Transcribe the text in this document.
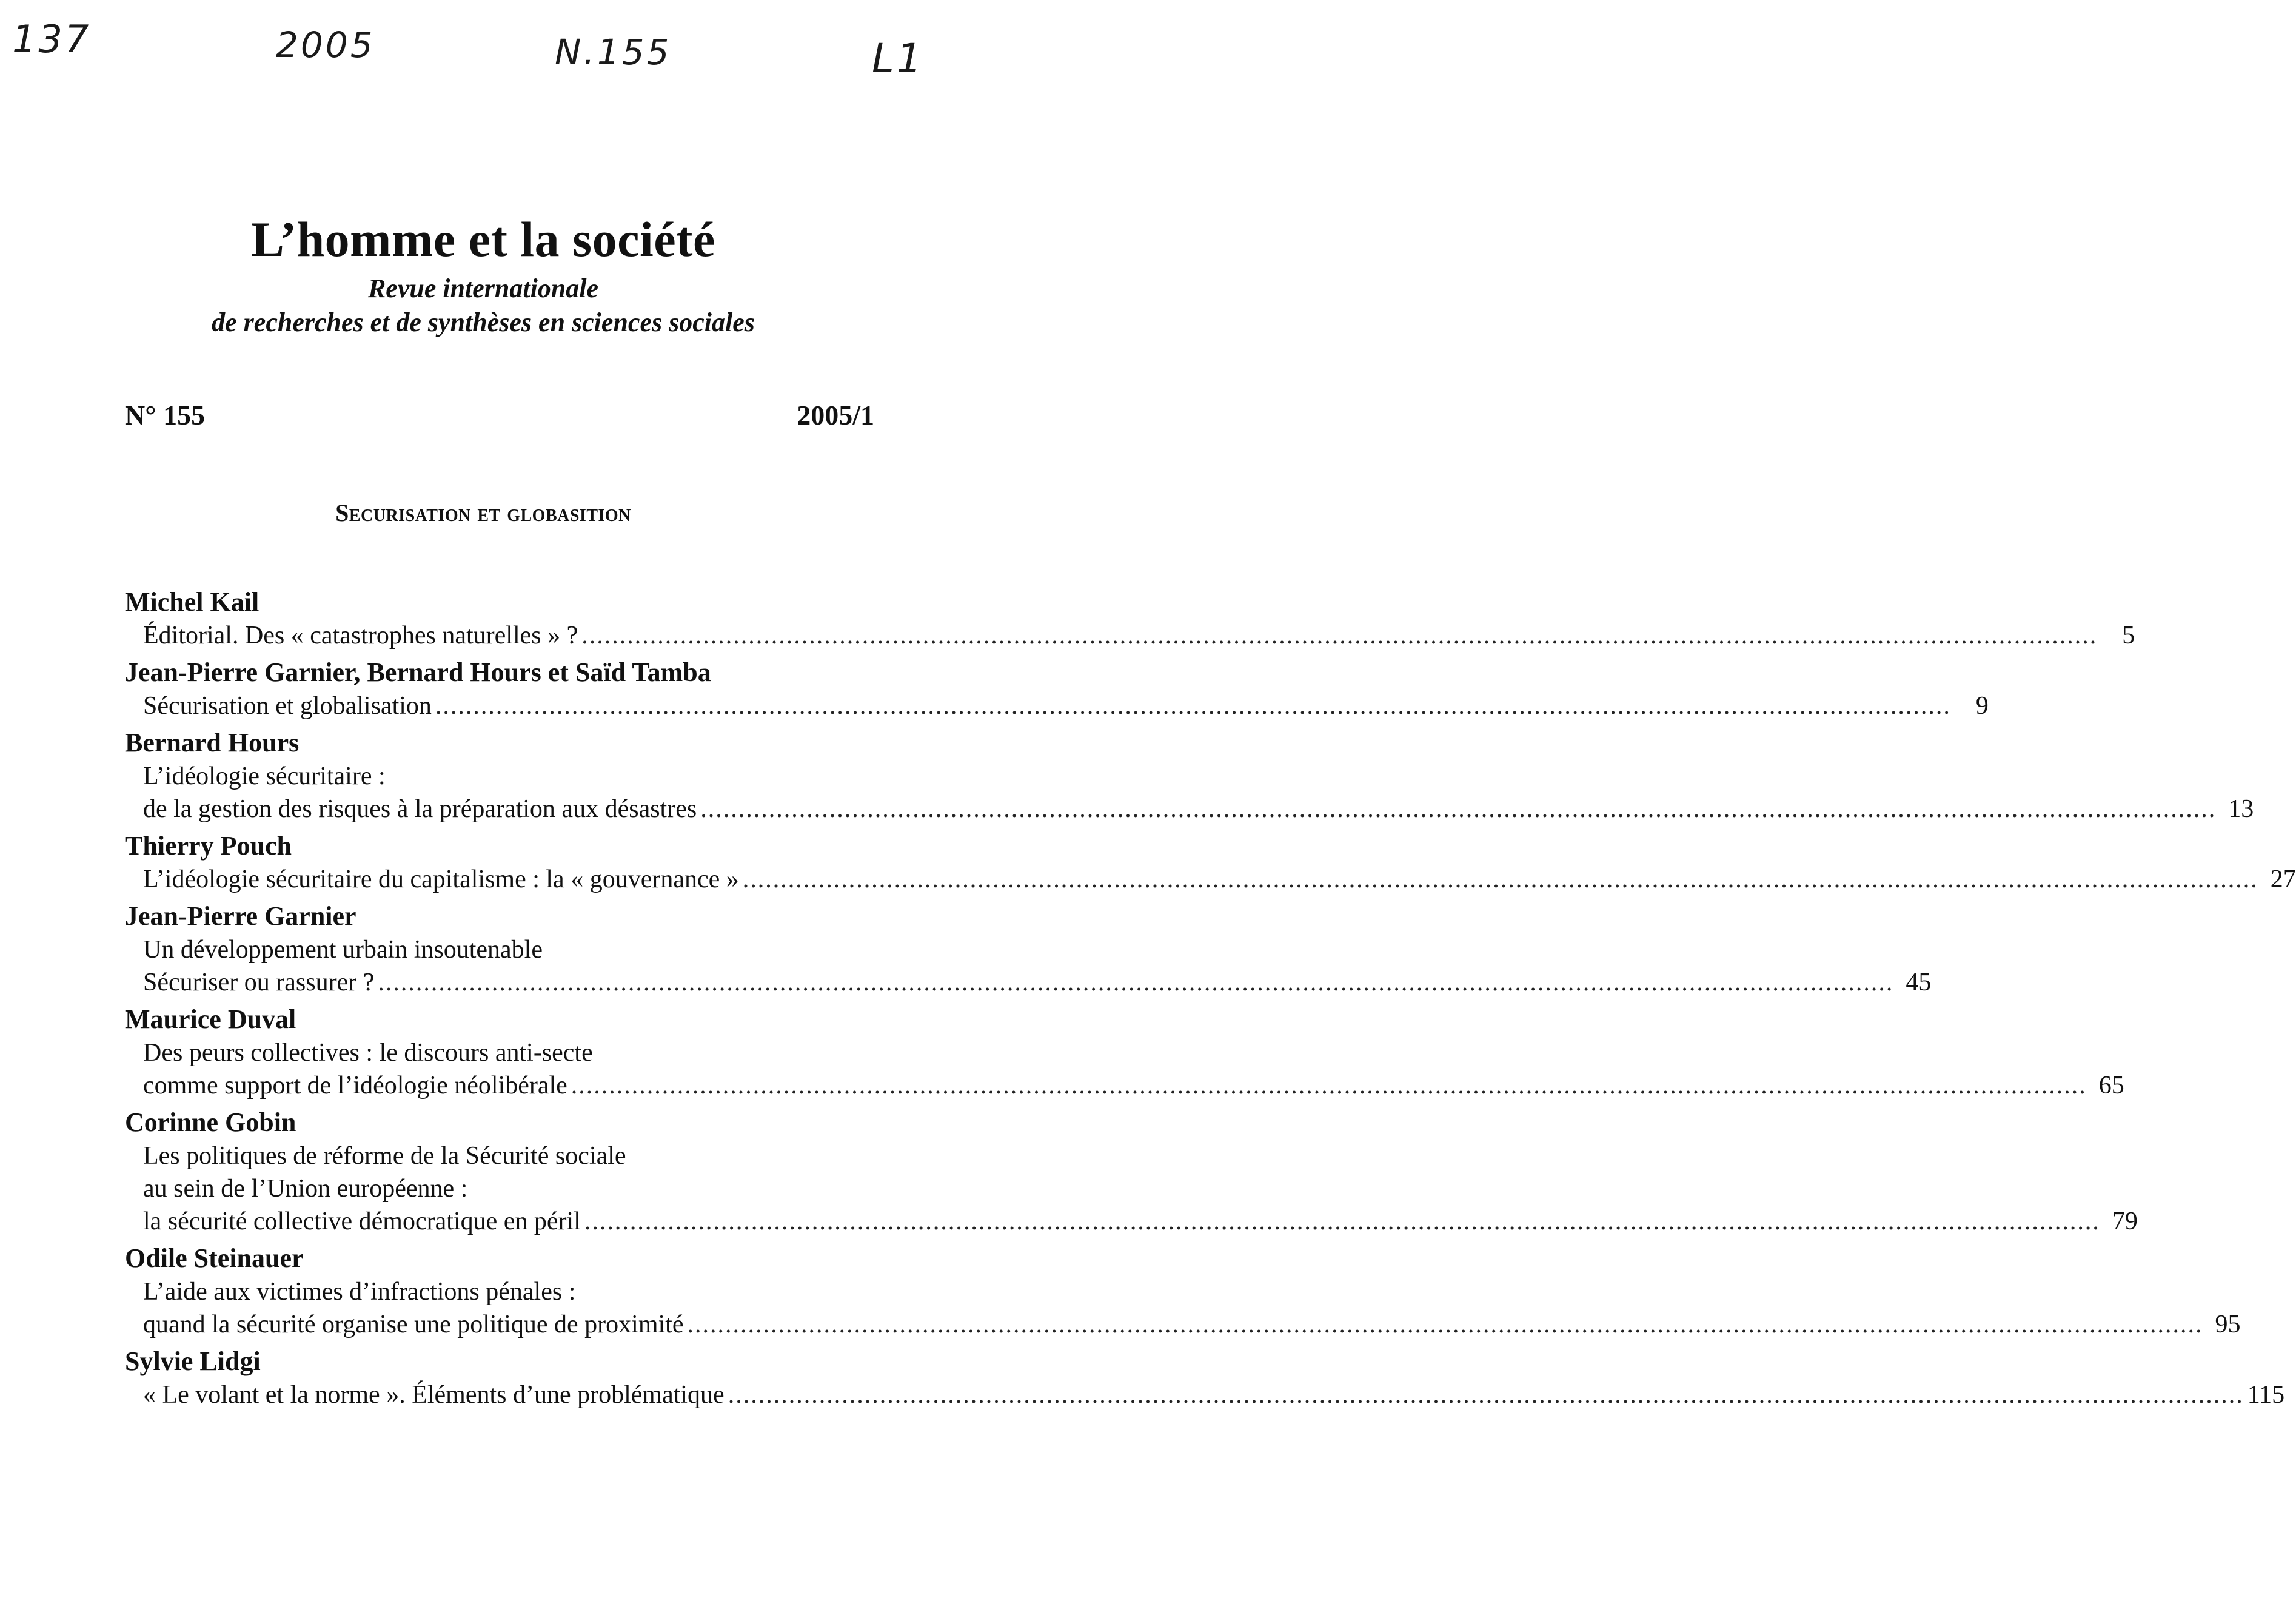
137	2005	N.155	L1
L’homme et la société
Revue internationale
de recherches et de synthèses en sciences sociales
N° 155	2005/1
Securisation et globasition
Michel Kail
Éditorial. Des « catastrophes naturelles » ? ........................................................................................................................................................................................................ 5
Jean-Pierre Garnier, Bernard Hours et Saïd Tamba
Sécurisation et globalisation ........................................................................................................................................................................................................ 9
Bernard Hours
L’idéologie sécuritaire :
de la gestion des risques à la préparation aux désastres ........................................................................................................................................................................................................ 13
Thierry Pouch
L’idéologie sécuritaire du capitalisme : la « gouvernance » ........................................................................................................................................................................................................ 27
Jean-Pierre Garnier
Un développement urbain insoutenable
Sécuriser ou rassurer ? ........................................................................................................................................................................................................ 45
Maurice Duval
Des peurs collectives : le discours anti-secte
comme support de l’idéologie néolibérale ........................................................................................................................................................................................................ 65
Corinne Gobin
Les politiques de réforme de la Sécurité sociale
au sein de l’Union européenne :
la sécurité collective démocratique en péril ........................................................................................................................................................................................................ 79
Odile Steinauer
L’aide aux victimes d’infractions pénales :
quand la sécurité organise une politique de proximité ........................................................................................................................................................................................................ 95
Sylvie Lidgi
« Le volant et la norme ». Éléments d’une problématique ........................................................................................................................................................................................................ 115
